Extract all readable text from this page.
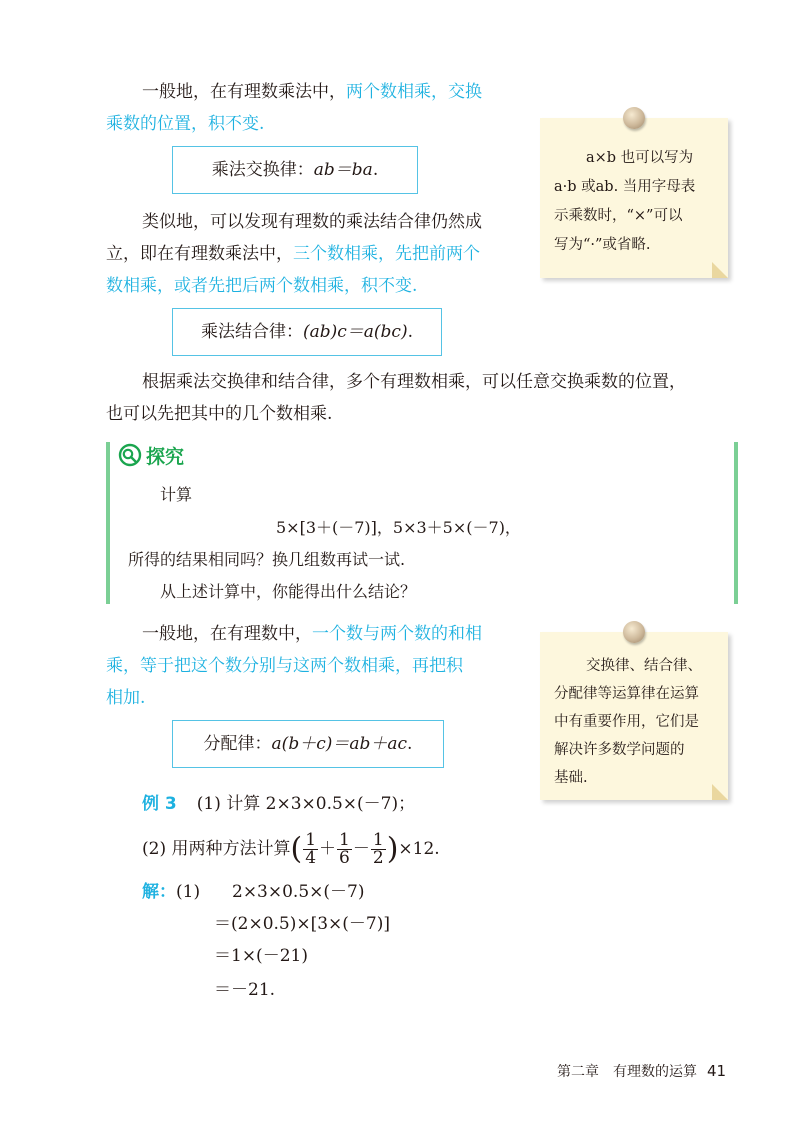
一般地，在有理数乘法中，两个数相乘，交换
乘数的位置，积不变.
乘法交换律： ab＝ba .
类似地，可以发现有理数的乘法结合律仍然成
立，即在有理数乘法中，三个数相乘，先把前两个
数相乘，或者先把后两个数相乘，积不变.
乘法结合律： (ab)c＝a(bc) .
根据乘法交换律和结合律，多个有理数相乘，可以任意交换乘数的位置，
也可以先把其中的几个数相乘.
a×b 也可以写为
a·b 或ab. 当用字母表
示乘数时，“×”可以
写为“·”或省略.
探究
计算
5×[3＋(－7)]，5×3＋5×(－7)，
所得的结果相同吗？换几组数再试一试.
从上述计算中，你能得出什么结论？
一般地，在有理数中，一个数与两个数的和相
乘，等于把这个数分别与这两个数相乘，再把积
相加.
分配律： a(b＋c)＝ab＋ac .
交换律、结合律、
分配律等运算律在运算
中有重要作用，它们是
解决许多数学问题的
基础.
例 3 (1) 计算 2×3×0.5×(－7)；
(2) 用两种方法计算( $\frac{1}{4} + \frac{1}{6} - \frac{1}{2} )\times 12$.
解：(1) 2×3×0.5×(－7)
＝(2×0.5)×[3×(－7)]
＝1×(－21)
＝－21.
第二章　有理数的运算 41
